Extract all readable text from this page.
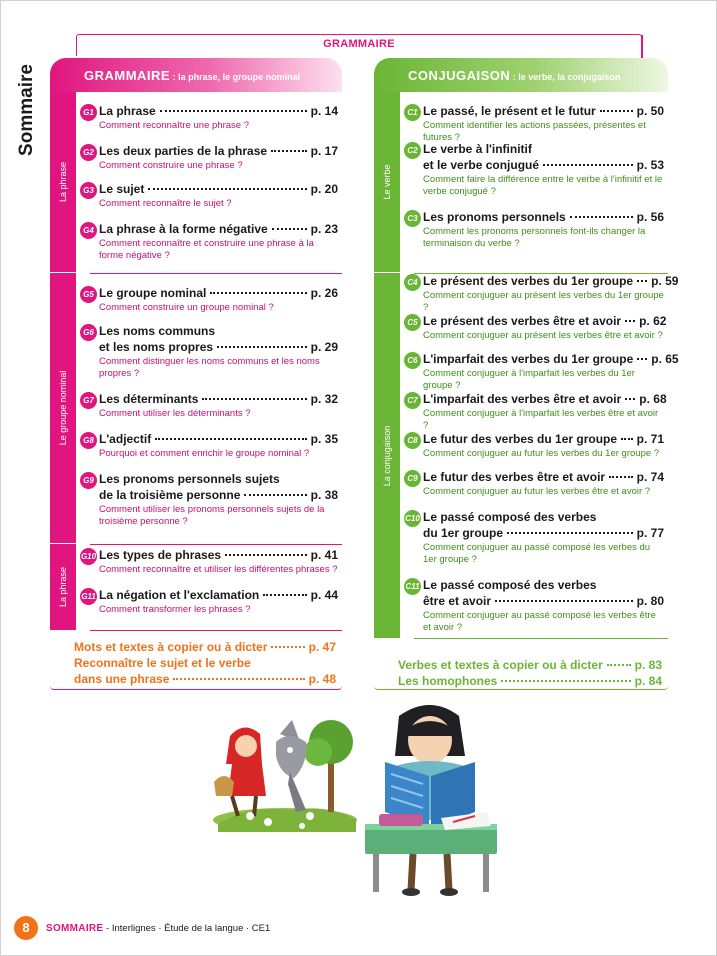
Sommaire
GRAMMAIRE
GRAMMAIRE : la phrase, le groupe nominal
La phrase
Le groupe nominal
La phrase
G1 La phrase	p. 14
Comment reconnaître une phrase ?
G2 Les deux parties de la phrase	p. 17
Comment construire une phrase ?
G3 Le sujet	p. 20
Comment reconnaître le sujet ?
G4 La phrase à la forme négative	p. 23
Comment reconnaître et construire une phrase à la forme négative ?
G5 Le groupe nominal	p. 26
Comment construire un groupe nominal ?
G6 Les noms communs
et les noms propres	p. 29
Comment distinguer les noms communs et les noms propres ?
G7 Les déterminants	p. 32
Comment utiliser les déterminants ?
G8 L'adjectif	p. 35
Pourquoi et comment enrichir le groupe nominal ?
G9 Les pronoms personnels sujets
de la troisième personne	p. 38
Comment utiliser les pronoms personnels sujets de la troisième personne ?
G10 Les types de phrases	p. 41
Comment reconnaître et utiliser les différentes phrases ?
G11 La négation et l'exclamation	p. 44
Comment transformer les phrases ?
Mots et textes à copier ou à dicter	p. 47
Reconnaître le sujet et le verbe
dans une phrase	p. 48
CONJUGAISON : le verbe, la conjugaison
Le verbe
La conjugaison
C1 Le passé, le présent et le futur	p. 50
Comment identifier les actions passées, présentes et futures ?
C2 Le verbe à l'infinitif
et le verbe conjugué	p. 53
Comment faire la différence entre le verbe à l'infinitif et le verbe conjugué ?
C3 Les pronoms personnels	p. 56
Comment les pronoms personnels font-ils changer la terminaison du verbe ?
C4 Le présent des verbes du 1er groupe p. 59
Comment conjuguer au présent les verbes du 1er groupe ?
C5 Le présent des verbes être et avoir p. 62
Comment conjuguer au présent les verbes être et avoir ?
C6 L'imparfait des verbes du 1er groupe p. 65
Comment conjuguer à l'imparfait les verbes du 1er groupe ?
C7 L'imparfait des verbes être et avoir p. 68
Comment conjuguer à l'imparfait les verbes être et avoir ?
C8 Le futur des verbes du 1er groupe p. 71
Comment conjuguer au futur les verbes du 1er groupe ?
C9 Le futur des verbes être et avoir	p. 74
Comment conjuguer au futur les verbes être et avoir ?
C10 Le passé composé des verbes
du 1er groupe	p. 77
Comment conjuguer au passé composé les verbes du 1er groupe ?
C11 Le passé composé des verbes
être et avoir	p. 80
Comment conjuguer au passé composé les verbes être et avoir ?
Verbes et textes à copier ou à dicter	p. 83
Les homophones	p. 84
8	SOMMAIRE - Interlignes · Étude de la langue · CE1
